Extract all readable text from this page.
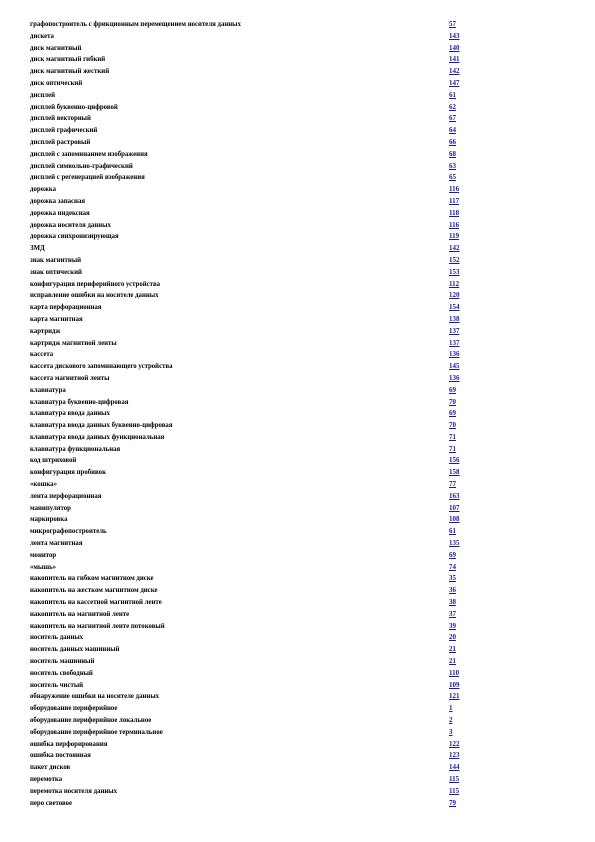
графопостроитель с фрикционным перемещением носителя данных	57
дискета	143
диск магнитный	140
диск магнитный гибкий	141
диск магнитный жесткий	142
диск оптический	147
дисплей	61
дисплей буквенно-цифровой	62
дисплей векторный	67
дисплей графический	64
дисплей растровый	66
дисплей с запоминанием изображения	68
дисплей символьно-графический	63
дисплей с регенерацией изображения	65
дорожка	116
дорожка запасная	117
дорожка индексная	118
дорожка носителя данных	116
дорожка синхронизирующая	119
ЗМД	142
знак магнитный	152
знак оптический	153
конфигурация периферийного устройства	112
исправление ошибки на носителе данных	120
карта перфорационная	154
карта магнитная	138
картридж	137
картридж магнитной ленты	137
кассета	136
кассета дискового запоминающего устройства	145
кассета магнитной ленты	136
клавиатура	69
клавиатура буквенно-цифровая	70
клавиатура ввода данных	69
клавиатура ввода данных буквенно-цифровая	70
клавиатура ввода данных функциональная	71
клавиатура функциональная	71
код штриховой	156
конфигурация пробивок	158
«кошка»	77
лента перфорационная	163
манипулятор	107
маркировка	108
микрографопостроитель	61
лента магнитная	135
монитор	69
«мышь»	74
накопитель на гибком магнитном диске	35
накопитель на жестком магнитном диске	36
накопитель на кассетной магнитной ленте	38
накопитель на магнитной ленте	37
накопитель на магнитной ленте потоковый	39
носитель данных	20
носитель данных машинный	21
носитель машинный	21
носитель свободный	110
носитель чистый	109
обнаружение ошибки на носителе данных	121
оборудование периферийное	1
оборудование периферийное локальное	2
оборудование периферийное терминальное	3
ошибка перфорирования	122
ошибка постоянная	123
пакет дисков	144
перемотка	115
перемотка носителя данных	115
перо световое	79
